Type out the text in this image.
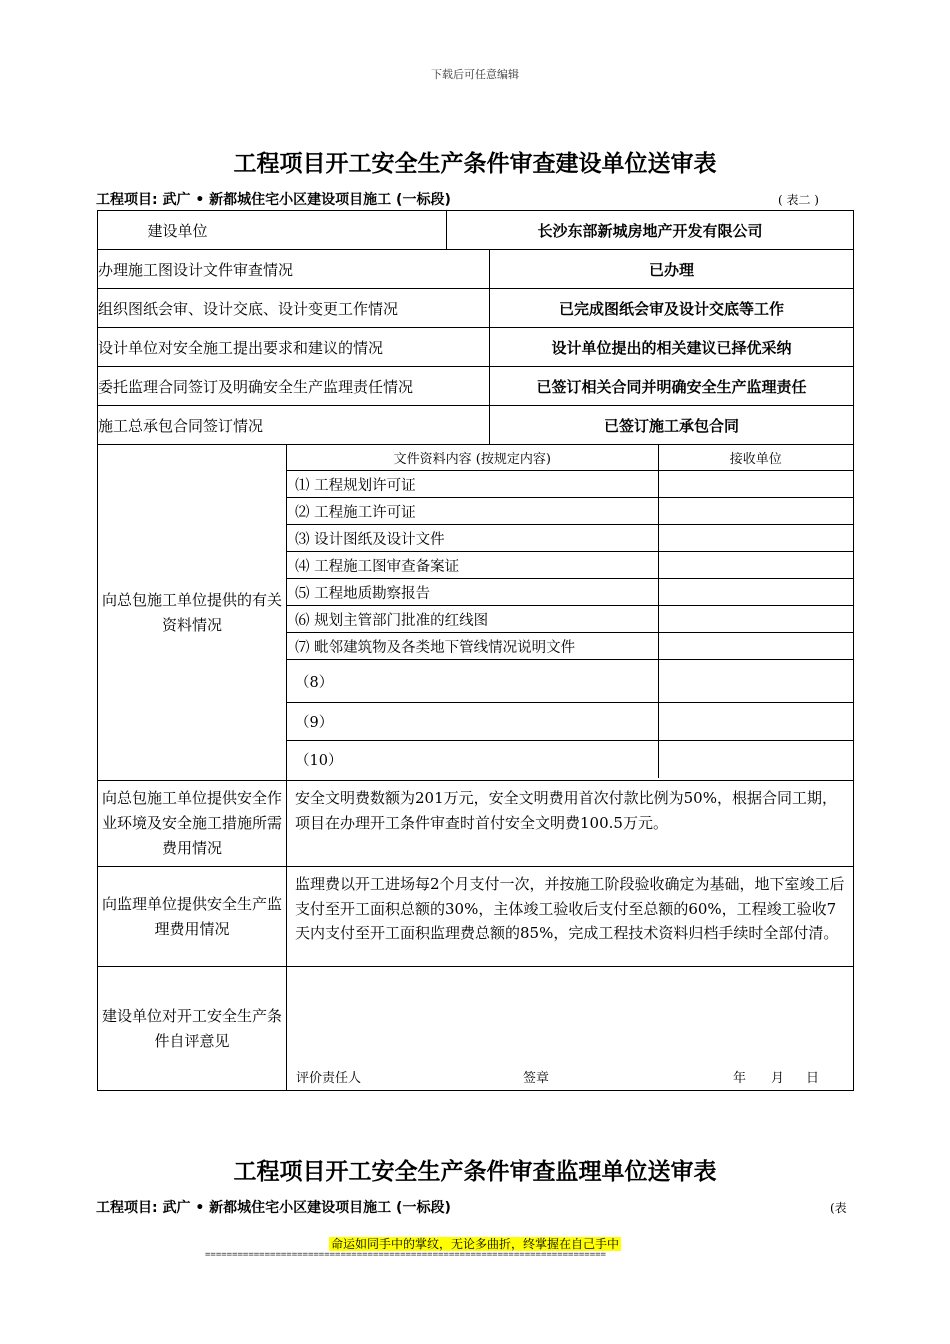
下载后可任意编辑
工程项目开工安全生产条件审查建设单位送审表
工程项目: 武广 • 新都城住宅小区建设项目施工 (一标段)	( 表二 )
建设单位	长沙东部新城房地产开发有限公司
办理施工图设计文件审查情况	已办理
组织图纸会审、设计交底、设计变更工作情况	已完成图纸会审及设计交底等工作
设计单位对安全施工提出要求和建议的情况	设计单位提出的相关建议已择优采纳
委托监理合同签订及明确安全生产监理责任情况	已签订相关合同并明确安全生产监理责任
施工总承包合同签订情况	已签订施工承包合同
向总包施工单位提供的有关资料情况	
文件资料内容 (按规定内容)	接收单位
⑴ 工程规划许可证	
⑵ 工程施工许可证	
⑶ 设计图纸及设计文件	
⑷ 工程施工图审查备案证	
⑸ 工程地质勘察报告	
⑹ 规划主管部门批准的红线图	
⑺ 毗邻建筑物及各类地下管线情况说明文件	
（8）	
（9）	
（10）	

向总包施工单位提供安全作业环境及安全施工措施所需费用情况	安全文明费数额为201万元，安全文明费用首次付款比例为50%，根据合同工期，项目在办理开工条件审查时首付安全文明费100.5万元。
向监理单位提供安全生产监理费用情况	监理费以开工进场每2个月支付一次，并按施工阶段验收确定为基础，地下室竣工后支付至开工面积总额的30%，主体竣工验收后支付至总额的60%，工程竣工验收7天内支付至开工面积监理费总额的85%，完成工程技术资料归档手续时全部付清。
建设单位对开工安全生产条件自评意见	
评价责任人	签章	年 月 日
工程项目开工安全生产条件审查监理单位送审表
工程项目: 武广 • 新都城住宅小区建设项目施工 (一标段)	(表
命运如同手中的掌纹，无论多曲折，终掌握在自己手中
==========================================================================
